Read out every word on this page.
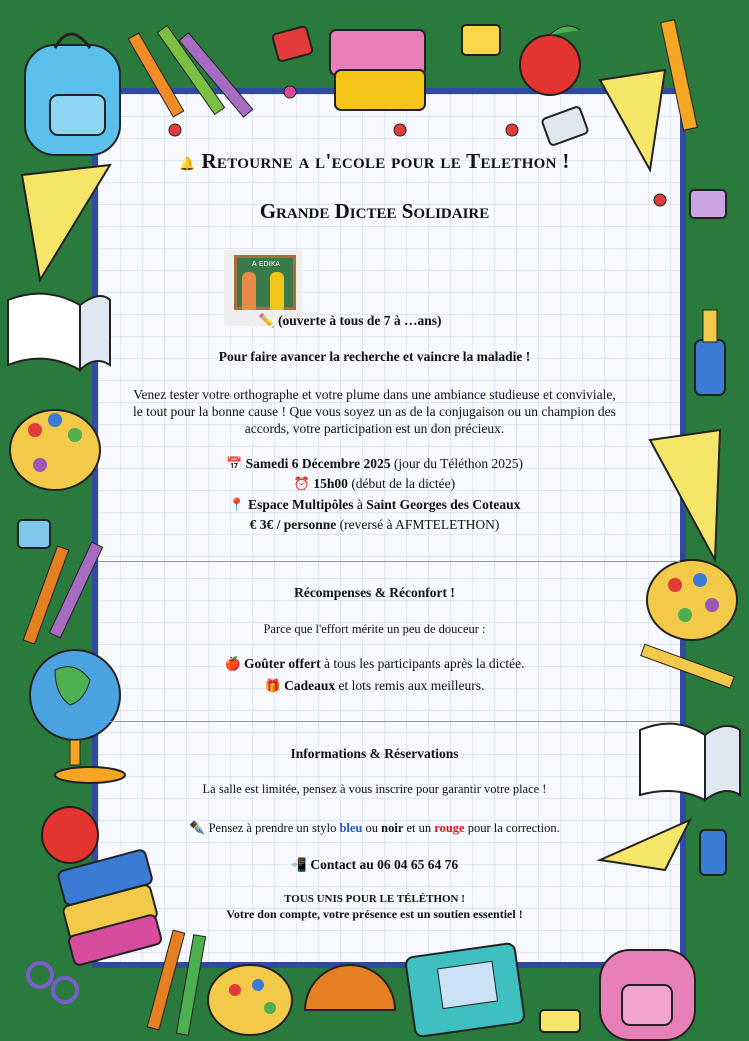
🔔 Retourne a l'ecole pour le Telethon !
Grande Dictee Solidaire
A EDIKA
✏️ (ouverte à tous de 7 à …ans)
Pour faire avancer la recherche et vaincre la maladie !
Venez tester votre orthographe et votre plume dans une ambiance studieuse et conviviale,
le tout pour la bonne cause ! Que vous soyez un as de la conjugaison ou un champion des
accords, votre participation est un don précieux.
📅 Samedi 6 Décembre 2025 (jour du Téléthon 2025)
⏰ 15h00 (début de la dictée)
📍 Espace Multipôles à Saint Georges des Coteaux
€ 3€ / personne (reversé à AFMTELETHON)
Récompenses & Réconfort !
Parce que l'effort mérite un peu de douceur :
🍎 Goûter offert à tous les participants après la dictée.
🎁 Cadeaux et lots remis aux meilleurs.
Informations & Réservations
La salle est limitée, pensez à vous inscrire pour garantir votre place !
✒️ Pensez à prendre un stylo bleu ou noir et un rouge pour la correction.
📲 Contact au 06 04 65 64 76
TOUS UNIS POUR LE TÉLÉTHON !
Votre don compte, votre présence est un soutien essentiel !
